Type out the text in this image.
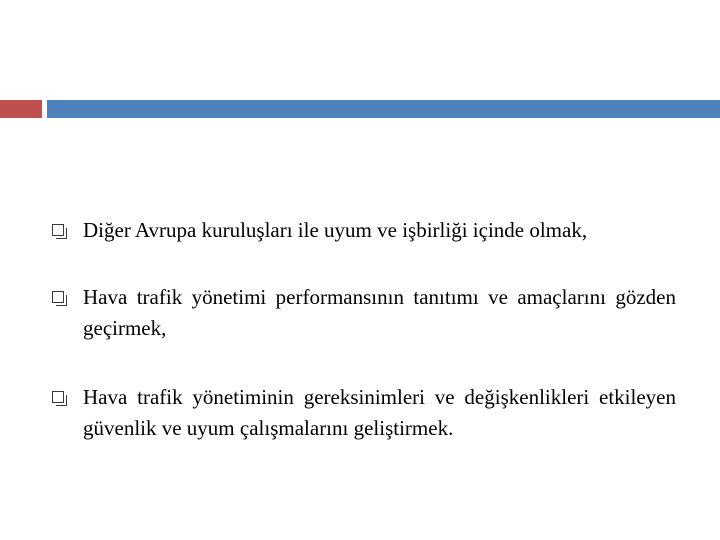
Diğer Avrupa kuruluşları ile uyum ve işbirliği içinde olmak,
Hava trafik yönetimi performansının tanıtımı ve amaçlarını gözden geçirmek,
Hava trafik yönetiminin gereksinimleri ve değişkenlikleri etkileyen güvenlik ve uyum çalışmalarını geliştirmek.
